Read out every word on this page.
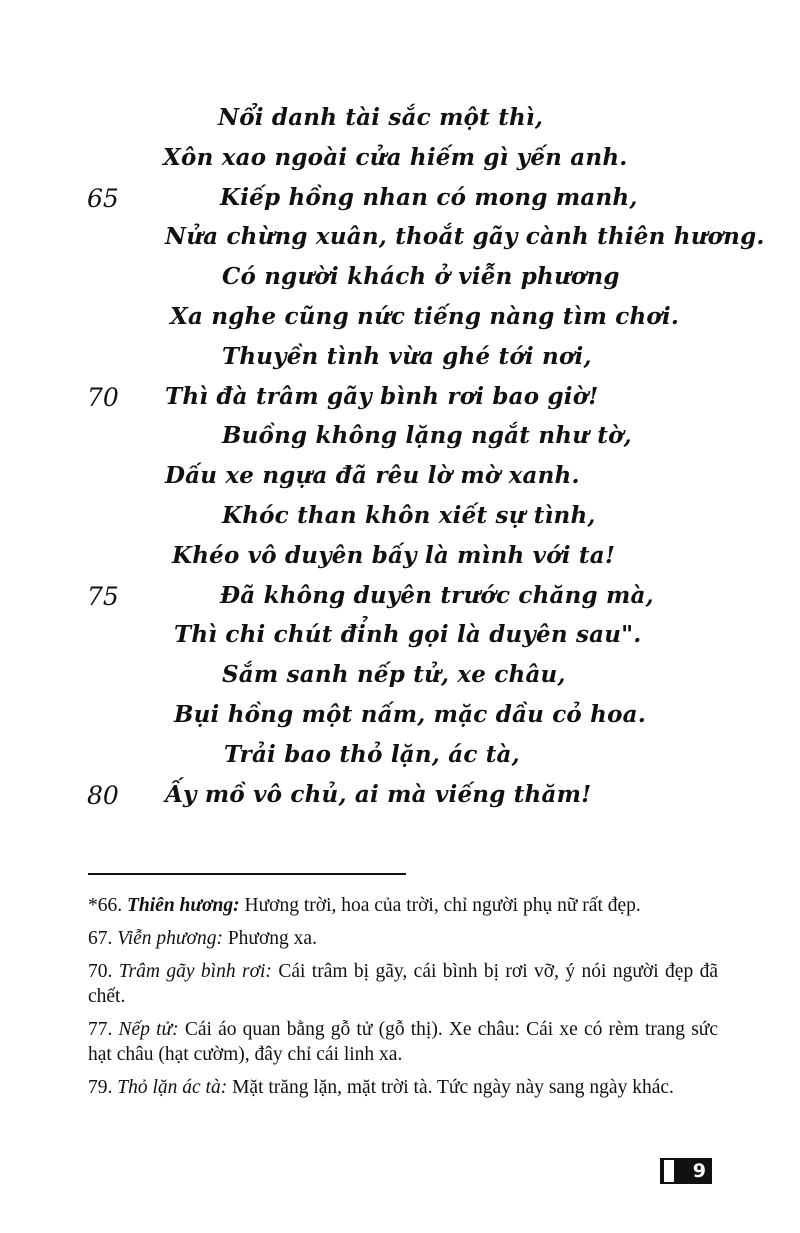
Nổi danh tài sắc một thì,
Xôn xao ngoài cửa hiếm gì yến anh.
65	Kiếp hồng nhan có mong manh,
Nửa chừng xuân, thoắt gãy cành thiên hương.
Có người khách ở viễn phương
Xa nghe cũng nức tiếng nàng tìm chơi.
Thuyền tình vừa ghé tới nơi,
70 Thì đà trâm gãy bình rơi bao giờ!
Buồng không lặng ngắt như tờ,
Dấu xe ngựa đã rêu lờ mờ xanh.
Khóc than khôn xiết sự tình,
Khéo vô duyên bấy là mình với ta!
75	Đã không duyên trước chăng mà,
Thì chi chút đỉnh gọi là duyên sau".
Sắm sanh nếp tử, xe châu,
Bụi hồng một nấm, mặc dầu cỏ hoa.
Trải bao thỏ lặn, ác tà,
80 Ấy mồ vô chủ, ai mà viếng thăm!

*66. Thiên hương: Hương trời, hoa của trời, chỉ người phụ nữ rất đẹp.

67. Viễn phương: Phương xa.

70. Trâm gãy bình rơi: Cái trâm bị gãy, cái bình bị rơi vỡ, ý nói người đẹp đã chết.

77. Nếp tử: Cái áo quan bằng gỗ tử (gỗ thị). Xe châu: Cái xe có rèm trang sức hạt châu (hạt cườm), đây chỉ cái linh xa.

79. Thỏ lặn ác tà: Mặt trăng lặn, mặt trời tà. Tức ngày này sang ngày khác.

9
